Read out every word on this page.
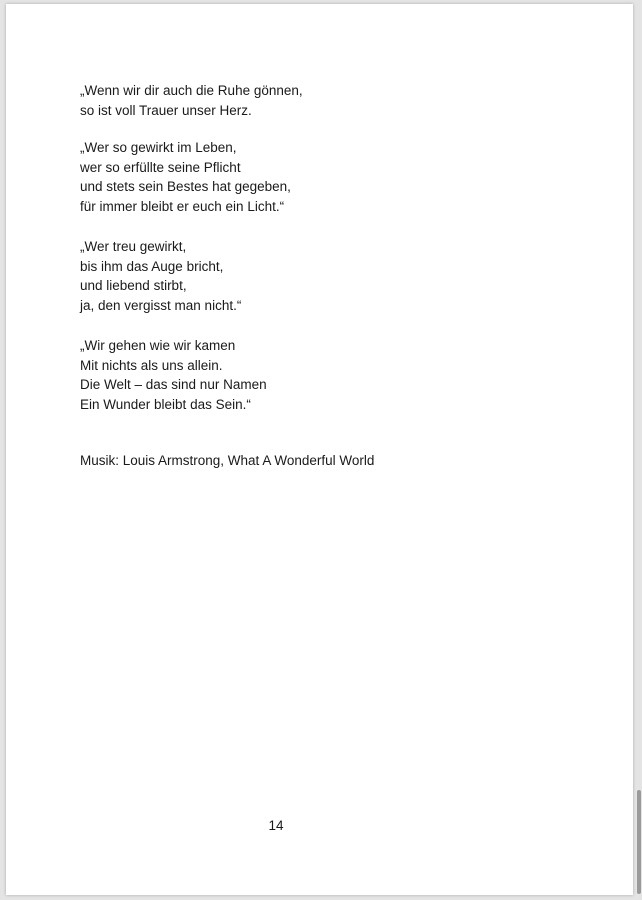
„Wenn wir dir auch die Ruhe gönnen,
so ist voll Trauer unser Herz.
„Wer so gewirkt im Leben,
wer so erfüllte seine Pflicht
und stets sein Bestes hat gegeben,
für immer bleibt er euch ein Licht.“
„Wer treu gewirkt,
bis ihm das Auge bricht,
und liebend stirbt,
ja, den vergisst man nicht.“
„Wir gehen wie wir kamen
Mit nichts als uns allein.
Die Welt – das sind nur Namen
Ein Wunder bleibt das Sein.“
Musik: Louis Armstrong, What A Wonderful World
14
